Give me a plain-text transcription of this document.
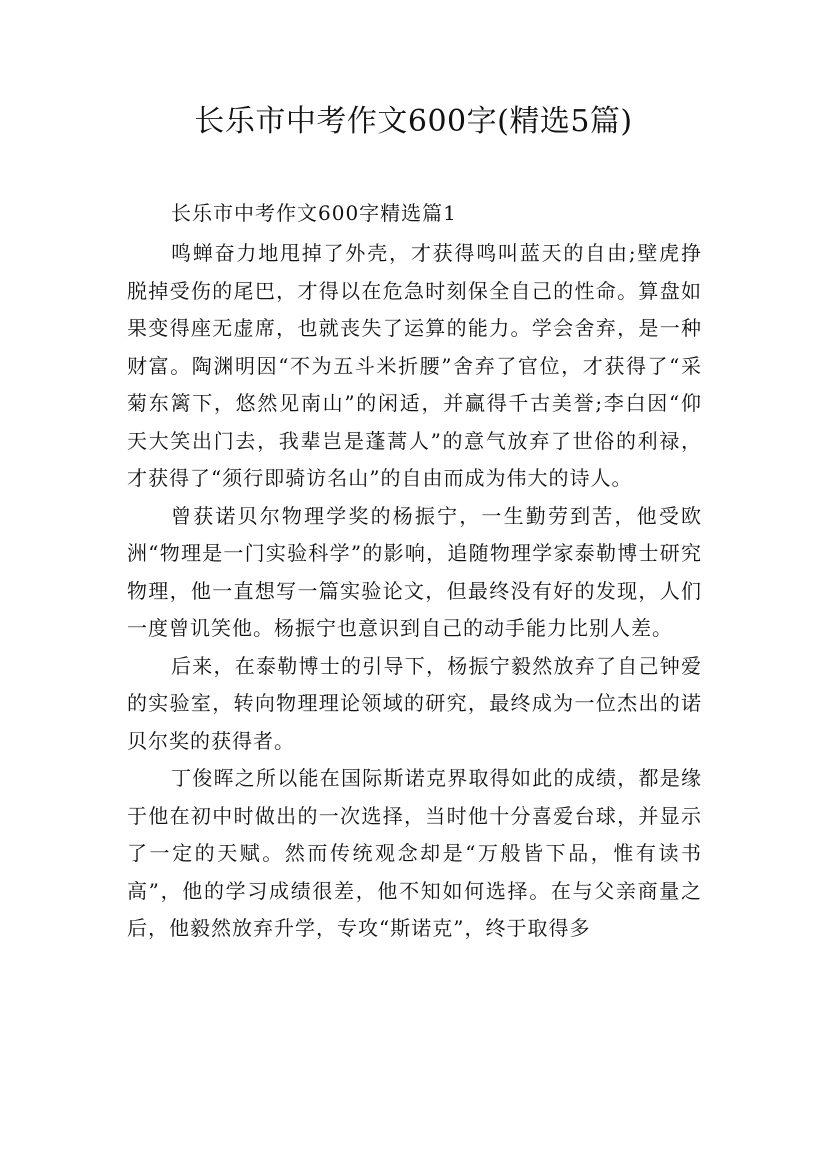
长乐市中考作文600字(精选5篇)

长乐市中考作文600字精选篇1

鸣蝉奋力地甩掉了外壳，才获得鸣叫蓝天的自由;壁虎挣脱掉受伤的尾巴，才得以在危急时刻保全自己的性命。算盘如果变得座无虚席，也就丧失了运算的能力。学会舍弃，是一种财富。陶渊明因“不为五斗米折腰”舍弃了官位，才获得了“采菊东篱下，悠然见南山”的闲适，并赢得千古美誉;李白因“仰天大笑出门去，我辈岂是蓬蒿人”的意气放弃了世俗的利禄，才获得了“须行即骑访名山”的自由而成为伟大的诗人。

曾获诺贝尔物理学奖的杨振宁，一生勤劳到苦，他受欧洲“物理是一门实验科学”的影响，追随物理学家泰勒博士研究物理，他一直想写一篇实验论文，但最终没有好的发现，人们一度曾讥笑他。杨振宁也意识到自己的动手能力比别人差。

后来，在泰勒博士的引导下，杨振宁毅然放弃了自己钟爱的实验室，转向物理理论领域的研究，最终成为一位杰出的诺贝尔奖的获得者。

丁俊晖之所以能在国际斯诺克界取得如此的成绩，都是缘于他在初中时做出的一次选择，当时他十分喜爱台球，并显示了一定的天赋。然而传统观念却是“万般皆下品，惟有读书高”，他的学习成绩很差，他不知如何选择。在与父亲商量之后，他毅然放弃升学，专攻“斯诺克”，终于取得多
